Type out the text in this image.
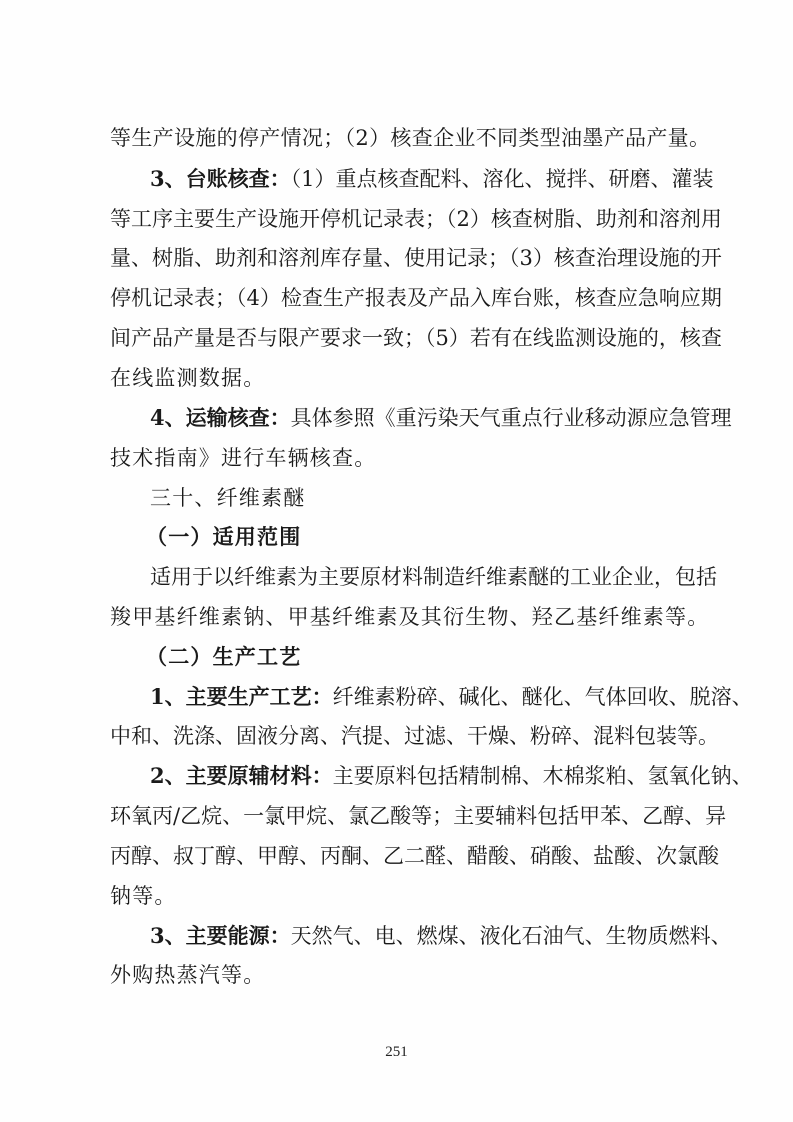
等生产设施的停产情况；（2）核查企业不同类型油墨产品产量。
3、台账核查：（1）重点核查配料、溶化、搅拌、研磨、灌装
等工序主要生产设施开停机记录表；（2）核查树脂、助剂和溶剂用
量、树脂、助剂和溶剂库存量、使用记录；（3）核查治理设施的开
停机记录表；（4）检查生产报表及产品入库台账，核查应急响应期
间产品产量是否与限产要求一致；（5）若有在线监测设施的，核查
在线监测数据。
4、运输核查：具体参照《重污染天气重点行业移动源应急管理
技术指南》进行车辆核查。
三十、纤维素醚
（一）适用范围
适用于以纤维素为主要原材料制造纤维素醚的工业企业，包括
羧甲基纤维素钠、甲基纤维素及其衍生物、羟乙基纤维素等。
（二）生产工艺
1、主要生产工艺：纤维素粉碎、碱化、醚化、气体回收、脱溶、
中和、洗涤、固液分离、汽提、过滤、干燥、粉碎、混料包装等。
2、主要原辅材料：主要原料包括精制棉、木棉浆粕、氢氧化钠、
环氧丙/乙烷、一氯甲烷、氯乙酸等；主要辅料包括甲苯、乙醇、异
丙醇、叔丁醇、甲醇、丙酮、乙二醛、醋酸、硝酸、盐酸、次氯酸
钠等。
3、主要能源：天然气、电、燃煤、液化石油气、生物质燃料、
外购热蒸汽等。
251
